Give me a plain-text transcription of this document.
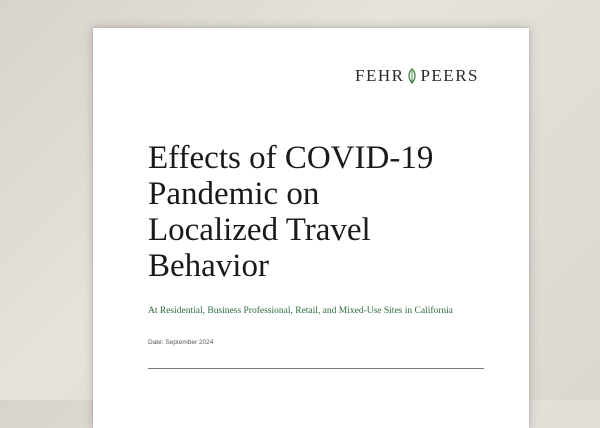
FEHR PEERS
Effects of COVID-19
Pandemic on
Localized Travel
Behavior
At Residential, Business Professional, Retail, and Mixed-Use Sites in California
Date: September 2024
